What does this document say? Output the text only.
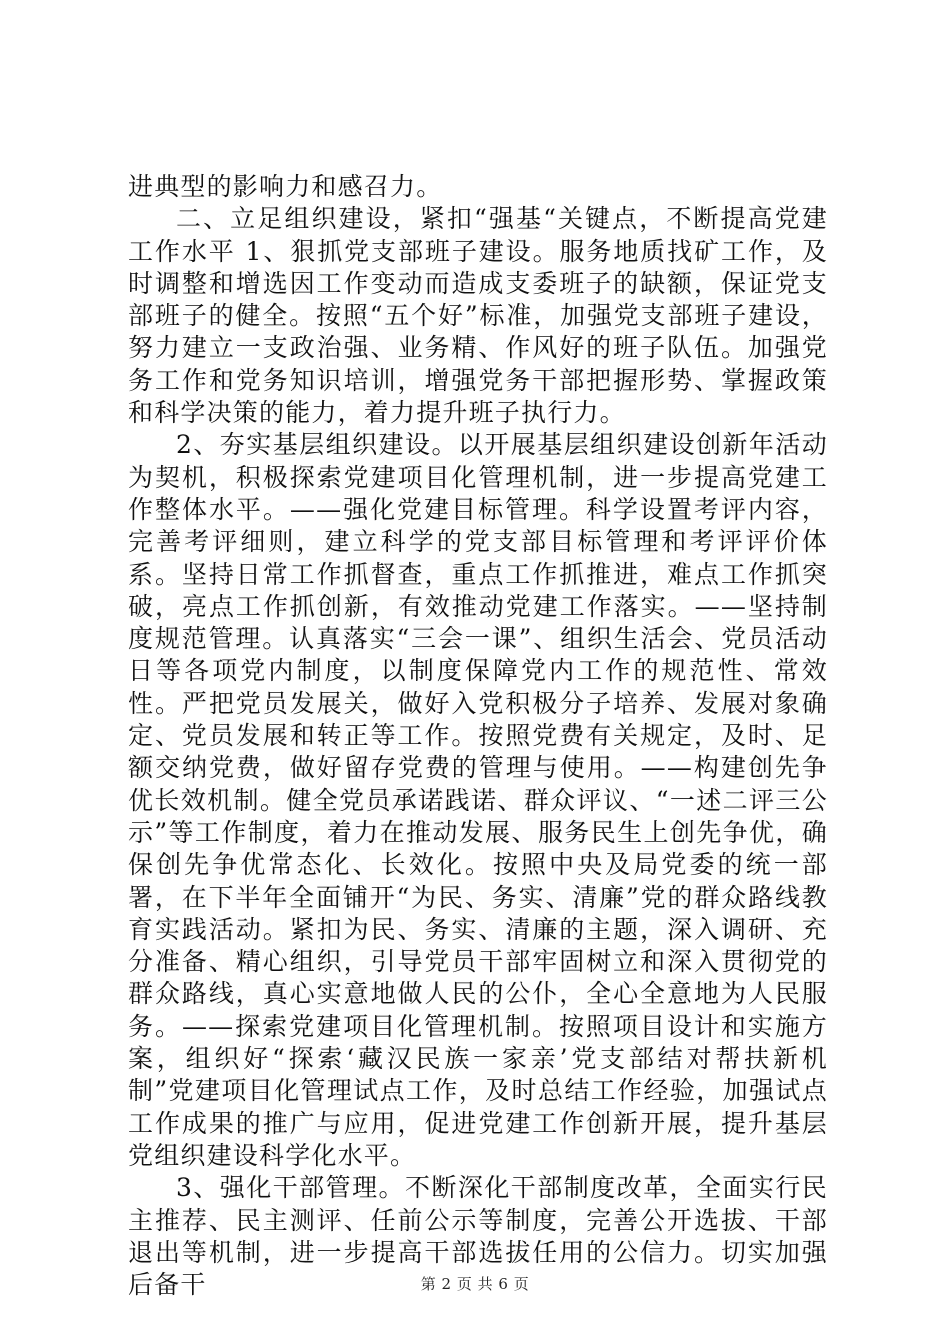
进典型的影响力和感召力。

二、立足组织建设，紧扣“强基“关键点，不断提高党建工作水平 1、狠抓党支部班子建设。服务地质找矿工作，及时调整和增选因工作变动而造成支委班子的缺额，保证党支部班子的健全。按照“五个好”标准，加强党支部班子建设，努力建立一支政治强、业务精、作风好的班子队伍。加强党务工作和党务知识培训，增强党务干部把握形势、掌握政策和科学决策的能力，着力提升班子执行力。

2、夯实基层组织建设。以开展基层组织建设创新年活动为契机，积极探索党建项目化管理机制，进一步提高党建工作整体水平。——强化党建目标管理。科学设置考评内容，完善考评细则，建立科学的党支部目标管理和考评评价体系。坚持日常工作抓督查，重点工作抓推进，难点工作抓突破，亮点工作抓创新，有效推动党建工作落实。——坚持制度规范管理。认真落实“三会一课”、组织生活会、党员活动日等各项党内制度，以制度保障党内工作的规范性、常效性。严把党员发展关，做好入党积极分子培养、发展对象确定、党员发展和转正等工作。按照党费有关规定，及时、足额交纳党费，做好留存党费的管理与使用。——构建创先争优长效机制。健全党员承诺践诺、群众评议、“一述二评三公示”等工作制度，着力在推动发展、服务民生上创先争优，确保创先争优常态化、长效化。按照中央及局党委的统一部署，在下半年全面铺开“为民、务实、清廉”党的群众路线教育实践活动。紧扣为民、务实、清廉的主题，深入调研、充分准备、精心组织，引导党员干部牢固树立和深入贯彻党的群众路线，真心实意地做人民的公仆，全心全意地为人民服务。——探索党建项目化管理机制。按照项目设计和实施方案，组织好“探索‘藏汉民族一家亲’党支部结对帮扶新机制”党建项目化管理试点工作，及时总结工作经验，加强试点工作成果的推广与应用，促进党建工作创新开展，提升基层党组织建设科学化水平。

3、强化干部管理。不断深化干部制度改革，全面实行民主推荐、民主测评、任前公示等制度，完善公开选拔、干部退出等机制，进一步提高干部选拔任用的公信力。切实加强后备干	第 2 页 共 6 页
